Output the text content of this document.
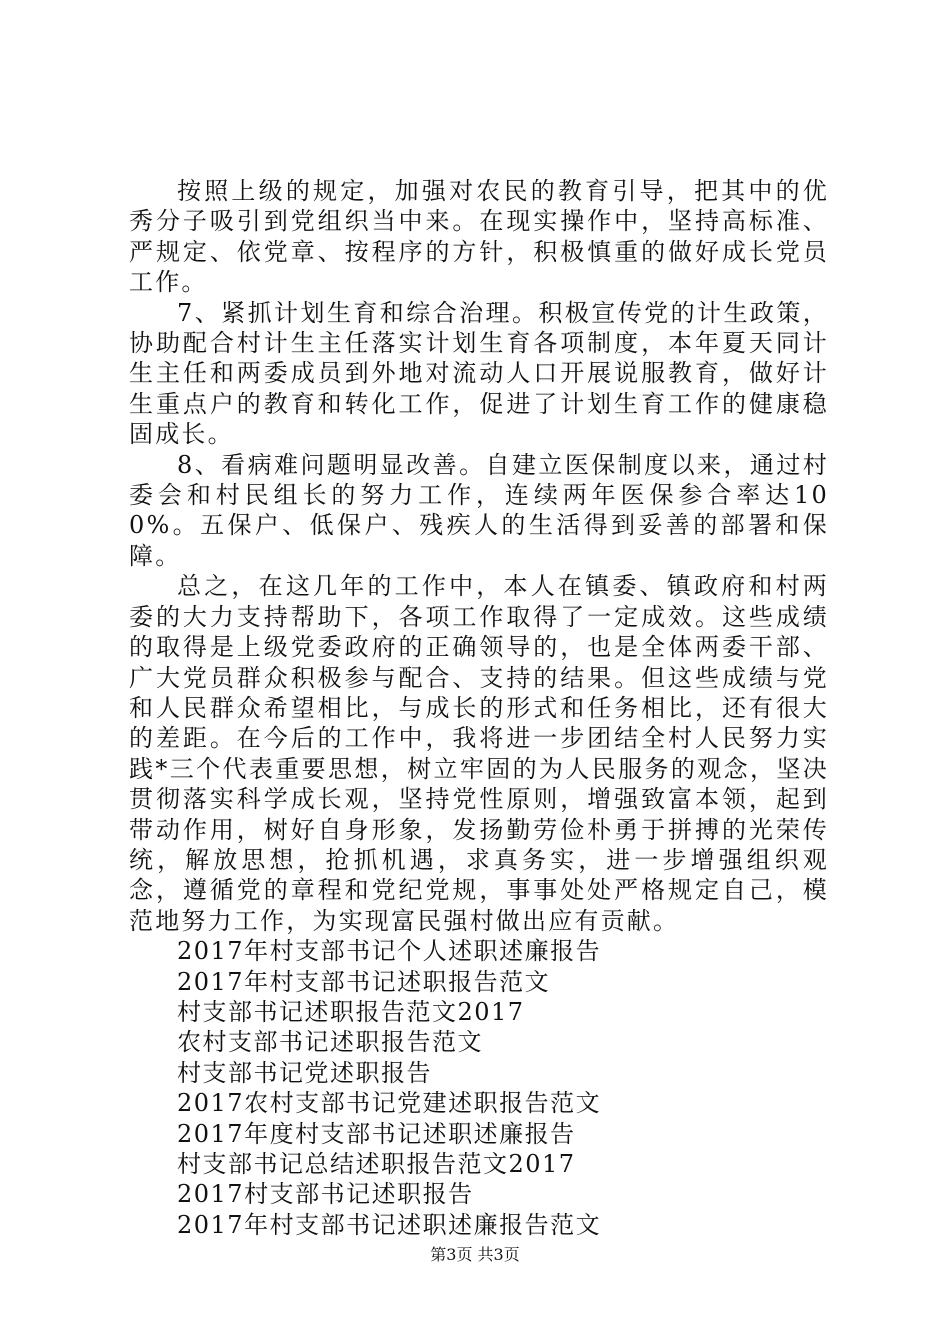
按照上级的规定，加强对农民的教育引导，把其中的优秀分子吸引到党组织当中来。在现实操作中，坚持高标准、严规定、依党章、按程序的方针，积极慎重的做好成长党员工作。

7、紧抓计划生育和综合治理。积极宣传党的计生政策，协助配合村计生主任落实计划生育各项制度，本年夏天同计生主任和两委成员到外地对流动人口开展说服教育，做好计生重点户的教育和转化工作，促进了计划生育工作的健康稳固成长。

8、看病难问题明显改善。自建立医保制度以来，通过村委会和村民组长的努力工作，连续两年医保参合率达100%。五保户、低保户、残疾人的生活得到妥善的部署和保障。

总之，在这几年的工作中，本人在镇委、镇政府和村两委的大力支持帮助下，各项工作取得了一定成效。这些成绩的取得是上级党委政府的正确领导的，也是全体两委干部、广大党员群众积极参与配合、支持的结果。但这些成绩与党和人民群众希望相比，与成长的形式和任务相比，还有很大的差距。在今后的工作中，我将进一步团结全村人民努力实践*三个代表重要思想，树立牢固的为人民服务的观念，坚决贯彻落实科学成长观，坚持党性原则，增强致富本领，起到带动作用，树好自身形象，发扬勤劳俭朴勇于拼搏的光荣传统，解放思想，抢抓机遇，求真务实，进一步增强组织观念，遵循党的章程和党纪党规，事事处处严格规定自己，模范地努力工作，为实现富民强村做出应有贡献。

2017年村支部书记个人述职述廉报告
2017年村支部书记述职报告范文
村支部书记述职报告范文2017
农村支部书记述职报告范文
村支部书记党述职报告
2017农村支部书记党建述职报告范文
2017年度村支部书记述职述廉报告
村支部书记总结述职报告范文2017
2017村支部书记述职报告
2017年村支部书记述职述廉报告范文
第3页 共3页
